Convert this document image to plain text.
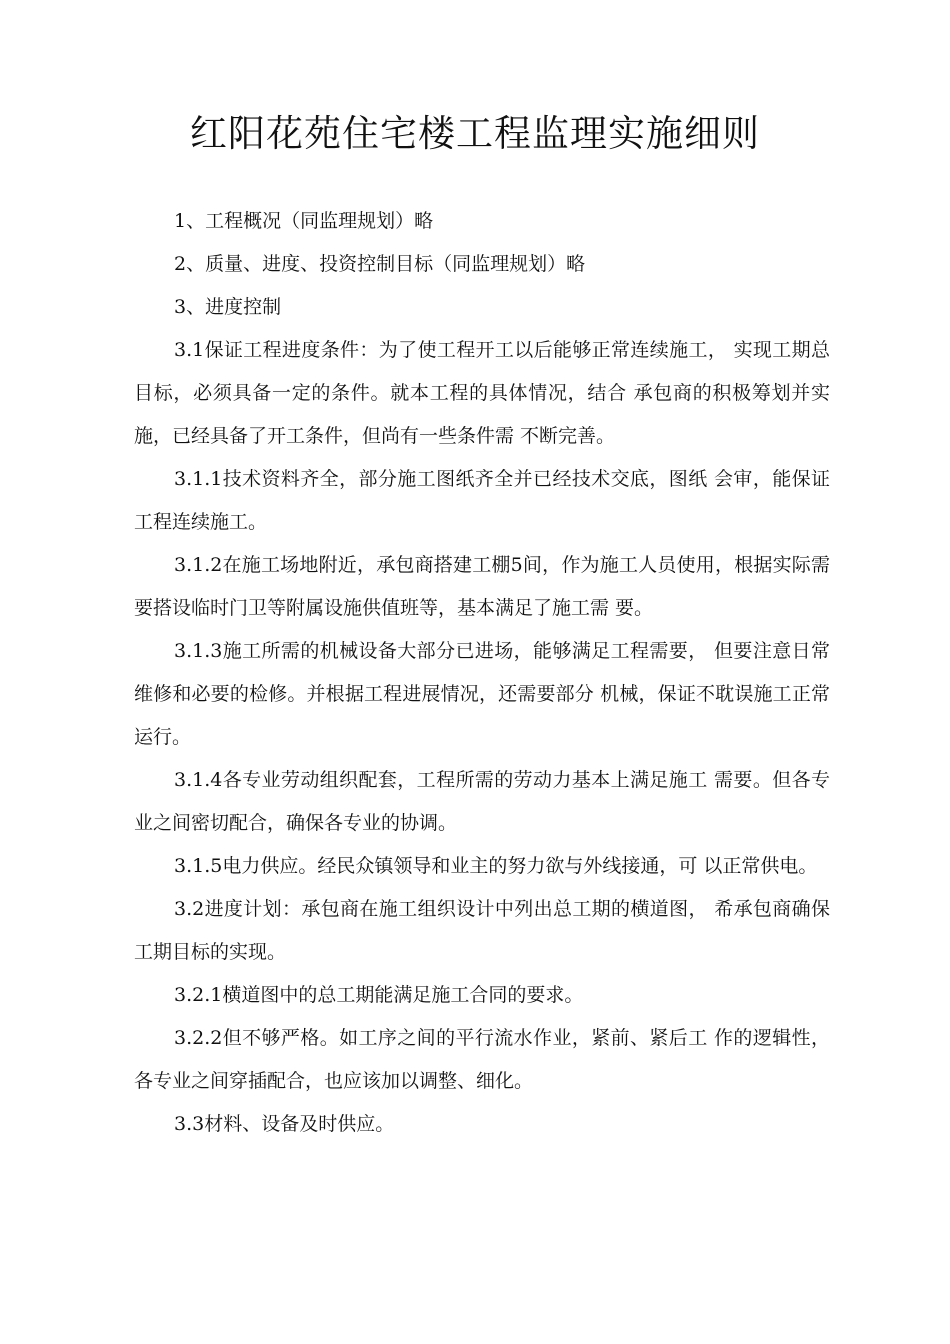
红阳花苑住宅楼工程监理实施细则

1、工程概况（同监理规划）略

2、质量、进度、投资控制目标（同监理规划）略

3、进度控制

3.1保证工程进度条件：为了使工程开工以后能够正常连续施工， 实现工期总目标，必须具备一定的条件。就本工程的具体情况，结合 承包商的积极筹划并实施，已经具备了开工条件，但尚有一些条件需 不断完善。

3.1.1技术资料齐全，部分施工图纸齐全并已经技术交底，图纸 会审，能保证工程连续施工。

3.1.2在施工场地附近，承包商搭建工棚5间，作为施工人员使用，根据实际需要搭设临时门卫等附属设施供值班等，基本满足了施工需 要。

3.1.3施工所需的机械设备大部分已进场，能够满足工程需要， 但要注意日常维修和必要的检修。并根据工程进展情况，还需要部分 机械，保证不耽误施工正常运行。

3.1.4各专业劳动组织配套，工程所需的劳动力基本上满足施工 需要。但各专业之间密切配合，确保各专业的协调。

3.1.5电力供应。经民众镇领导和业主的努力欲与外线接通，可 以正常供电。

3.2进度计划：承包商在施工组织设计中列出总工期的横道图， 希承包商确保工期目标的实现。

3.2.1横道图中的总工期能满足施工合同的要求。

3.2.2但不够严格。如工序之间的平行流水作业，紧前、紧后工 作的逻辑性，各专业之间穿插配合，也应该加以调整、细化。

3.3材料、设备及时供应。
